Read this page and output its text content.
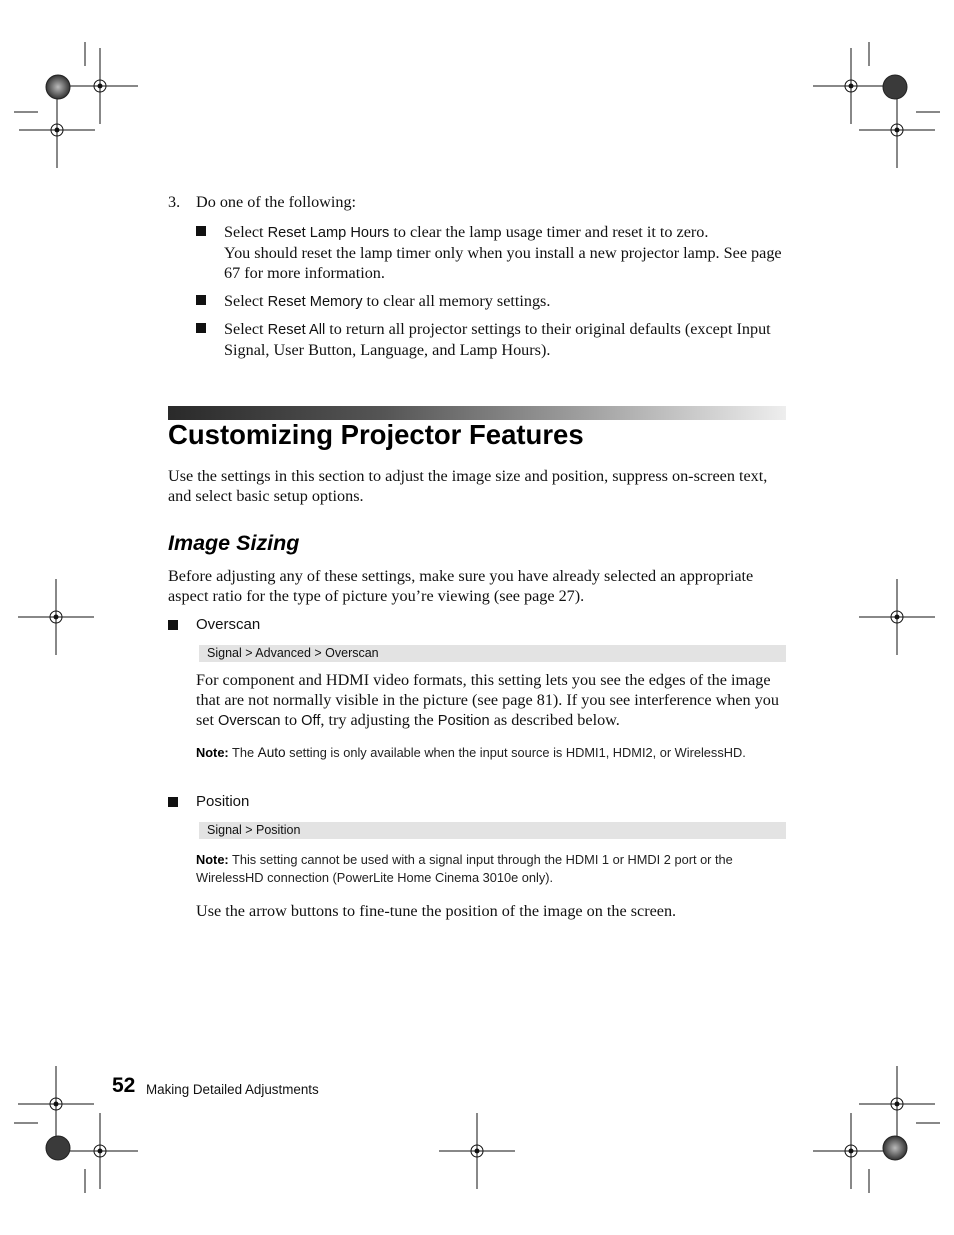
3. Do one of the following:
Select Reset Lamp Hours to clear the lamp usage timer and reset it to zero.
You should reset the lamp timer only when you install a new projector lamp. See page 67 for more information.
Select Reset Memory to clear all memory settings.
Select Reset All to return all projector settings to their original defaults (except Input Signal, User Button, Language, and Lamp Hours).
Customizing Projector Features
Use the settings in this section to adjust the image size and position, suppress on-screen text, and select basic setup options.
Image Sizing
Before adjusting any of these settings, make sure you have already selected an appropriate aspect ratio for the type of picture you’re viewing (see page 27).
Overscan
Signal > Advanced > Overscan
For component and HDMI video formats, this setting lets you see the edges of the image that are not normally visible in the picture (see page 81). If you see interference when you set Overscan to Off, try adjusting the Position as described below.
Note: The Auto setting is only available when the input source is HDMI1, HDMI2, or WirelessHD.
Position
Signal > Position
Note: This setting cannot be used with a signal input through the HDMI 1 or HMDI 2 port or the WirelessHD connection (PowerLite Home Cinema 3010e only).
Use the arrow buttons to fine-tune the position of the image on the screen.
52 Making Detailed Adjustments
